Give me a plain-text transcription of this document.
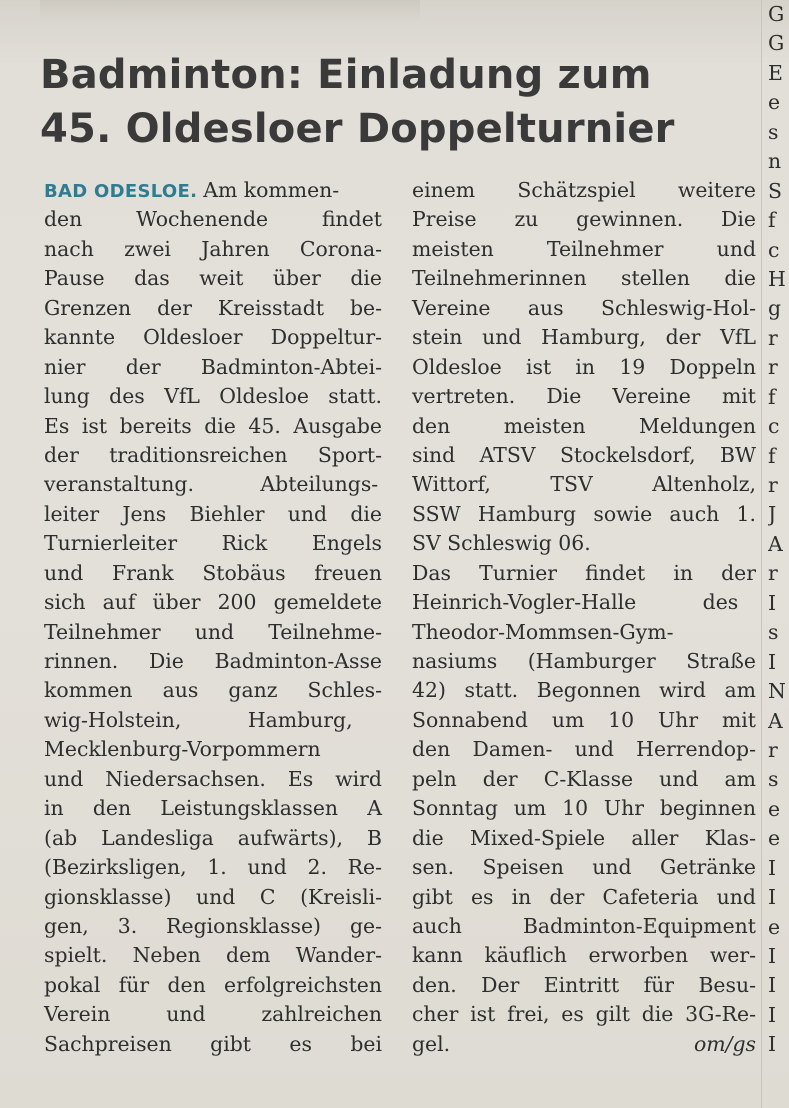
Badminton: Einladung zum
45. Oldesloer Doppelturnier
BAD ODESLOE. Am kommen-
den Wochenende findet
nach zwei Jahren Corona-
Pause das weit über die
Grenzen der Kreisstadt be-
kannte Oldesloer Doppeltur-
nier der Badminton-Abtei-
lung des VfL Oldesloe statt.
Es ist bereits die 45. Ausgabe
der traditionsreichen Sport-
veranstaltung. Abteilungs-
leiter Jens Biehler und die
Turnierleiter Rick Engels
und Frank Stobäus freuen
sich auf über 200 gemeldete
Teilnehmer und Teilnehme-
rinnen. Die Badminton-Asse
kommen aus ganz Schles-
wig-Holstein, Hamburg,
Mecklenburg-Vorpommern
und Niedersachsen. Es wird
in den Leistungsklassen A
(ab Landesliga aufwärts), B
(Bezirksligen, 1. und 2. Re-
gionsklasse) und C (Kreisli-
gen, 3. Regionsklasse) ge-
spielt. Neben dem Wander-
pokal für den erfolgreichsten
Verein und zahlreichen
Sachpreisen gibt es bei
einem Schätzspiel weitere
Preise zu gewinnen. Die
meisten Teilnehmer und
Teilnehmerinnen stellen die
Vereine aus Schleswig-Hol-
stein und Hamburg, der VfL
Oldesloe ist in 19 Doppeln
vertreten. Die Vereine mit
den meisten Meldungen
sind ATSV Stockelsdorf, BW
Wittorf, TSV Altenholz,
SSW Hamburg sowie auch 1.
SV Schleswig 06.
Das Turnier findet in der
Heinrich-Vogler-Halle des
Theodor-Mommsen-Gym-
nasiums (Hamburger Straße
42) statt. Begonnen wird am
Sonnabend um 10 Uhr mit
den Damen- und Herrendop-
peln der C-Klasse und am
Sonntag um 10 Uhr beginnen
die Mixed-Spiele aller Klas-
sen. Speisen und Getränke
gibt es in der Cafeteria und
auch Badminton-Equipment
kann käuflich erworben wer-
den. Der Eintritt für Besu-
cher ist frei, es gilt die 3G-Re-
gel.	om/gs
G
G
E
e
s
n
S
f
c
H
g
r
r
f
c
f
r
J
A
r
I
s
I
N
A
r
s
e
e
I
I
e
I
I
I
I
